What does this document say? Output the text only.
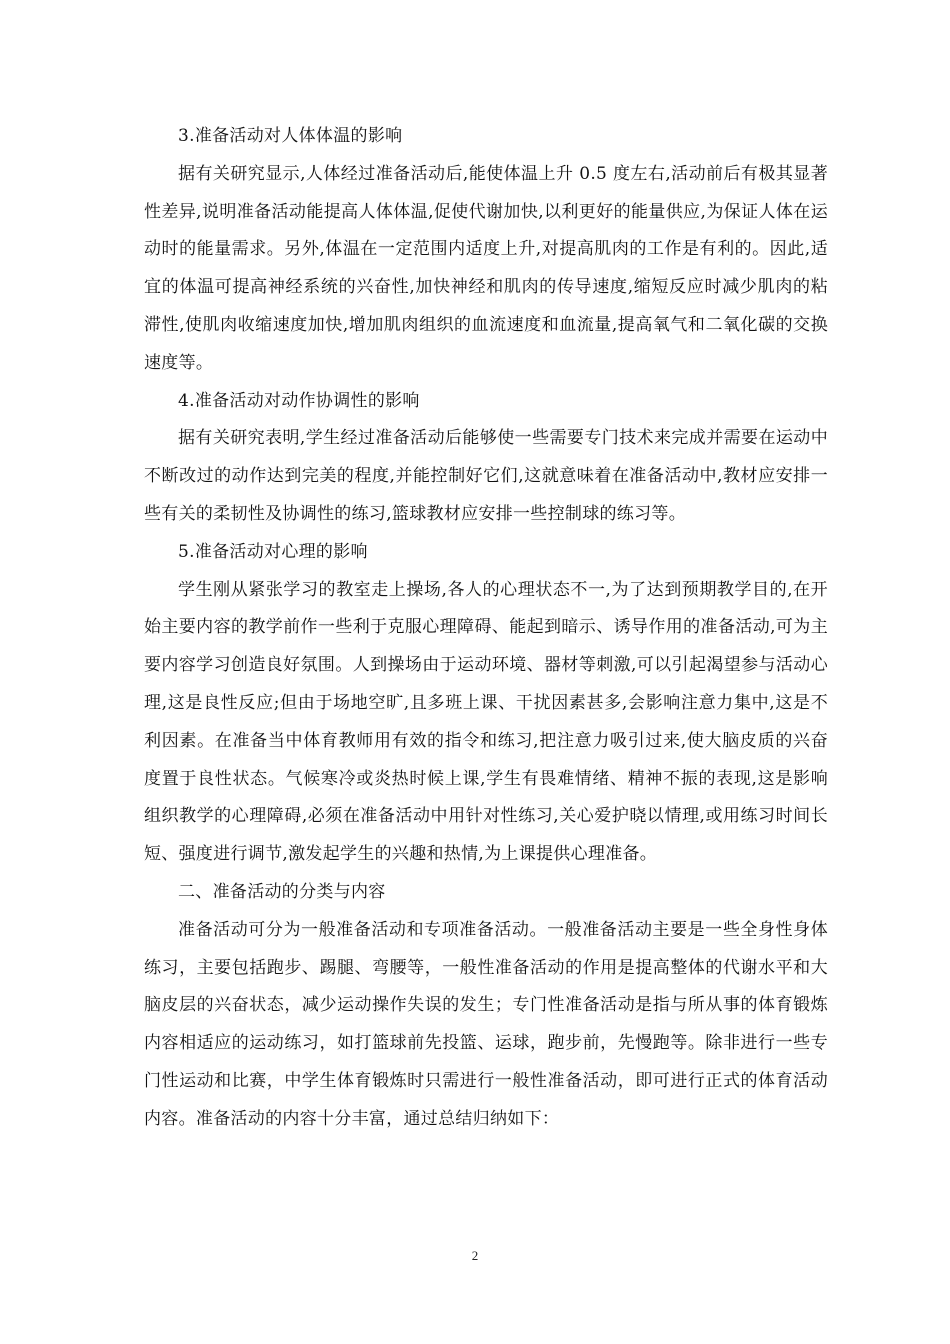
3.准备活动对人体体温的影响

据有关研究显示,人体经过准备活动后,能使体温上升 0.5 度左右,活动前后有极其显著性差异,说明准备活动能提高人体体温,促使代谢加快,以利更好的能量供应,为保证人体在运动时的能量需求。另外,体温在一定范围内适度上升,对提高肌肉的工作是有利的。因此,适宜的体温可提高神经系统的兴奋性,加快神经和肌肉的传导速度,缩短反应时减少肌肉的粘滞性,使肌肉收缩速度加快,增加肌肉组织的血流速度和血流量,提高氧气和二氧化碳的交换速度等。

4.准备活动对动作协调性的影响

据有关研究表明,学生经过准备活动后能够使一些需要专门技术来完成并需要在运动中不断改过的动作达到完美的程度,并能控制好它们,这就意味着在准备活动中,教材应安排一些有关的柔韧性及协调性的练习,篮球教材应安排一些控制球的练习等。

5.准备活动对心理的影响

学生刚从紧张学习的教室走上操场,各人的心理状态不一,为了达到预期教学目的,在开始主要内容的教学前作一些利于克服心理障碍、能起到暗示、诱导作用的准备活动,可为主要内容学习创造良好氛围。人到操场由于运动环境、器材等刺激,可以引起渴望参与活动心理,这是良性反应;但由于场地空旷,且多班上课、干扰因素甚多,会影响注意力集中,这是不利因素。在准备当中体育教师用有效的指令和练习,把注意力吸引过来,使大脑皮质的兴奋度置于良性状态。气候寒冷或炎热时候上课,学生有畏难情绪、精神不振的表现,这是影响组织教学的心理障碍,必须在准备活动中用针对性练习,关心爱护晓以情理,或用练习时间长短、强度进行调节,激发起学生的兴趣和热情,为上课提供心理准备。

二、准备活动的分类与内容

准备活动可分为一般准备活动和专项准备活动。一般准备活动主要是一些全身性身体练习，主要包括跑步、踢腿、弯腰等，一般性准备活动的作用是提高整体的代谢水平和大脑皮层的兴奋状态，减少运动操作失误的发生；专门性准备活动是指与所从事的体育锻炼内容相适应的运动练习，如打篮球前先投篮、运球，跑步前，先慢跑等。除非进行一些专门性运动和比赛，中学生体育锻炼时只需进行一般性准备活动，即可进行正式的体育活动内容。准备活动的内容十分丰富，通过总结归纳如下：

2
